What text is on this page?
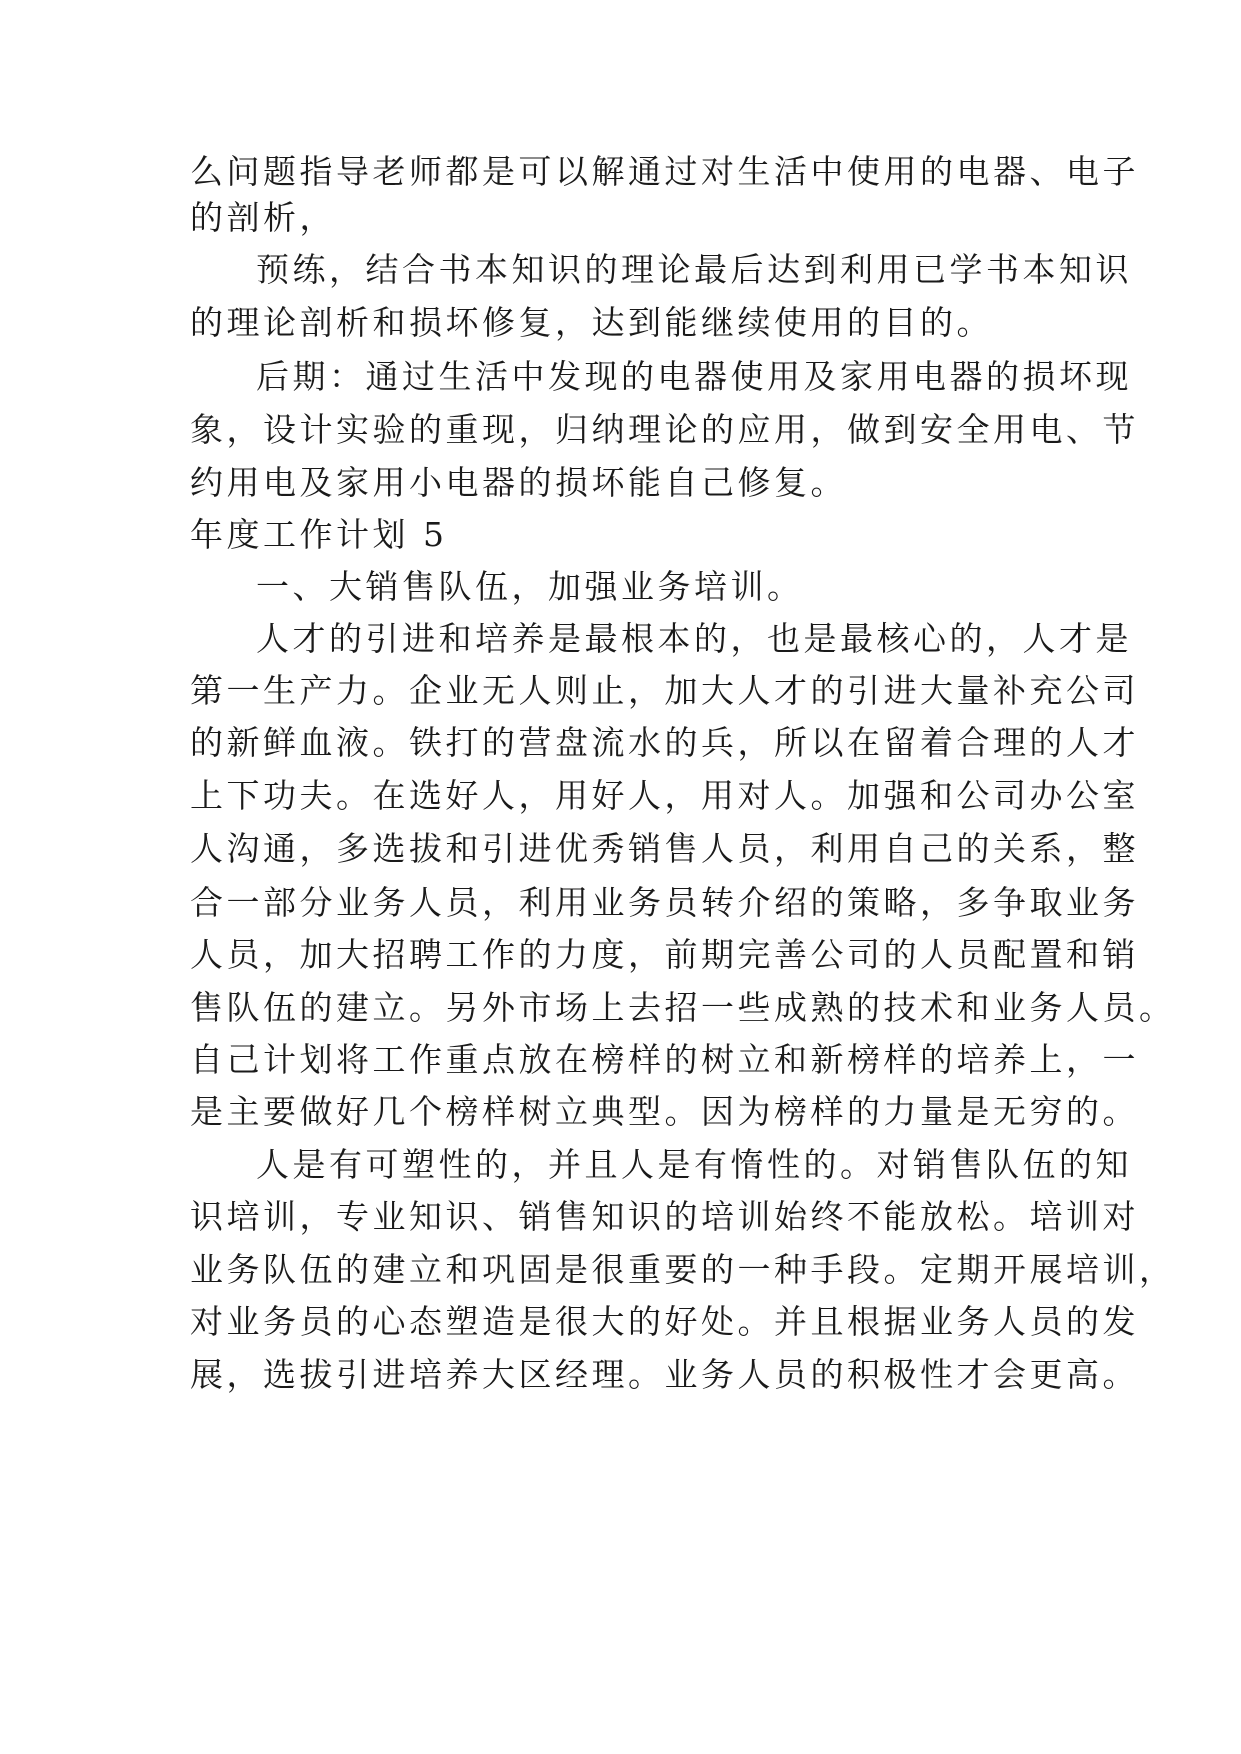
么问题指导老师都是可以解通过对生活中使用的电器、电子
的剖析，
预练，结合书本知识的理论最后达到利用已学书本知识
的理论剖析和损坏修复，达到能继续使用的目的。
后期：通过生活中发现的电器使用及家用电器的损坏现
象，设计实验的重现，归纳理论的应用，做到安全用电、节
约用电及家用小电器的损坏能自己修复。
年度工作计划 5
一、大销售队伍，加强业务培训。
人才的引进和培养是最根本的，也是最核心的，人才是
第一生产力。企业无人则止，加大人才的引进大量补充公司
的新鲜血液。铁打的营盘流水的兵，所以在留着合理的人才
上下功夫。在选好人，用好人，用对人。加强和公司办公室
人沟通，多选拔和引进优秀销售人员，利用自己的关系，整
合一部分业务人员，利用业务员转介绍的策略，多争取业务
人员，加大招聘工作的力度，前期完善公司的人员配置和销
售队伍的建立。另外市场上去招一些成熟的技术和业务人员。
自己计划将工作重点放在榜样的树立和新榜样的培养上，一
是主要做好几个榜样树立典型。因为榜样的力量是无穷的。
人是有可塑性的，并且人是有惰性的。对销售队伍的知
识培训，专业知识、销售知识的培训始终不能放松。培训对
业务队伍的建立和巩固是很重要的一种手段。定期开展培训，
对业务员的心态塑造是很大的好处。并且根据业务人员的发
展，选拔引进培养大区经理。业务人员的积极性才会更高。
